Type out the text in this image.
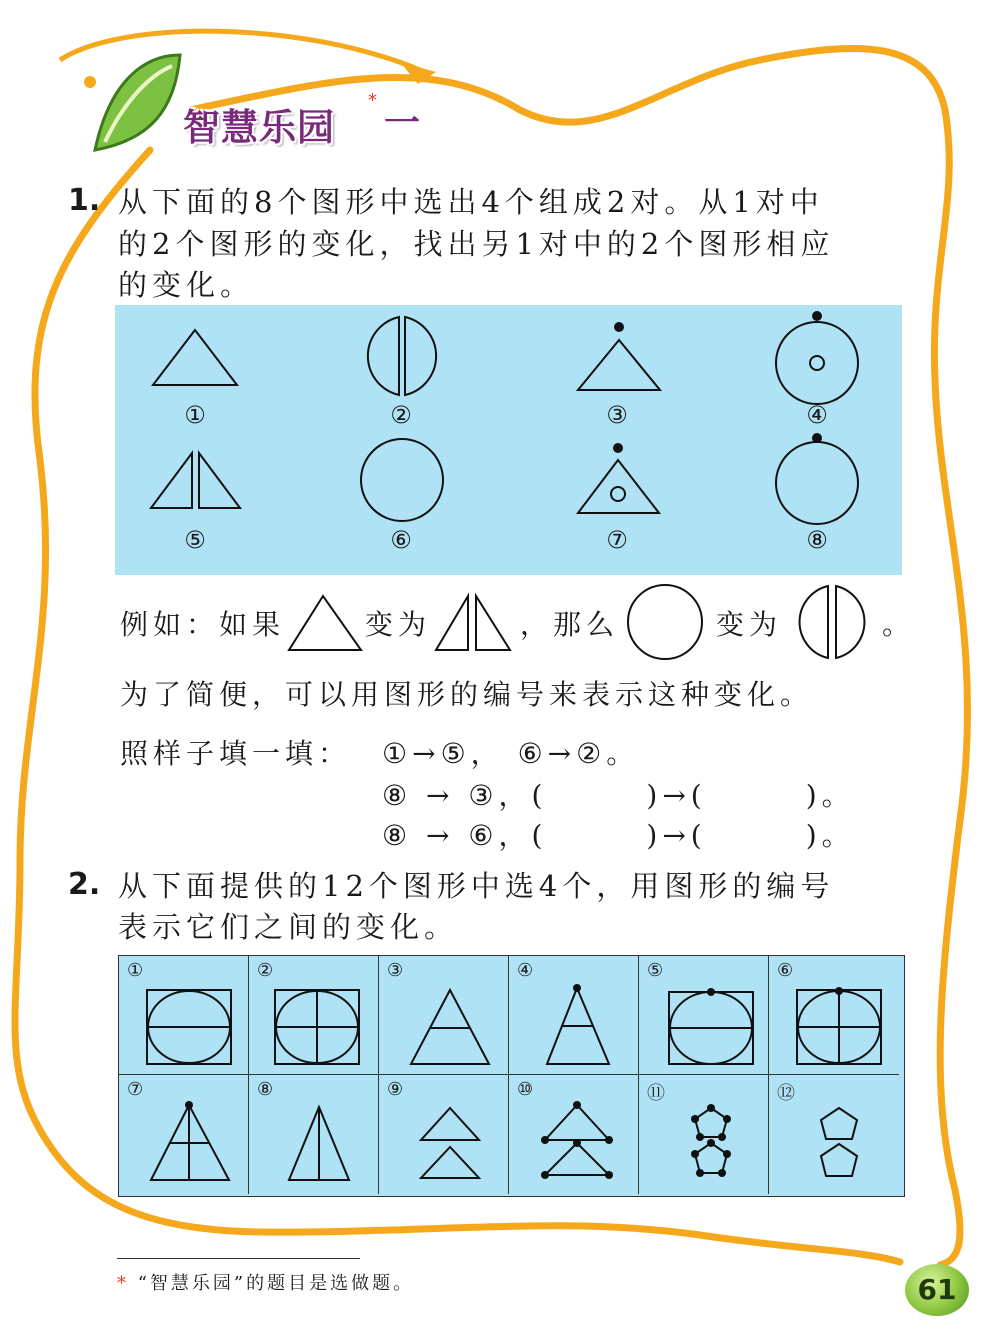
智慧乐园
*
一
1. 从下面的8个图形中选出4个组成2对。从1对中
的2个图形的变化，找出另1对中的2个图形相应
的变化。
①	②	③	④
⑤	⑥	⑦	⑧
例如：如果	变为	，那么	变为	。
为了简便，可以用图形的编号来表示这种变化。
照样子填一填： ①→⑤， ⑥→②。
⑧ → ③，(　　　)→(　　　)。
⑧ → ⑥，(　　　)→(　　　)。
2. 从下面提供的12个图形中选4个，用图形的编号
表示它们之间的变化。
①	②	③	④	⑤	⑥
⑦	⑧	⑨	⑩	⑪	⑫
* “智慧乐园”的题目是选做题。	61
